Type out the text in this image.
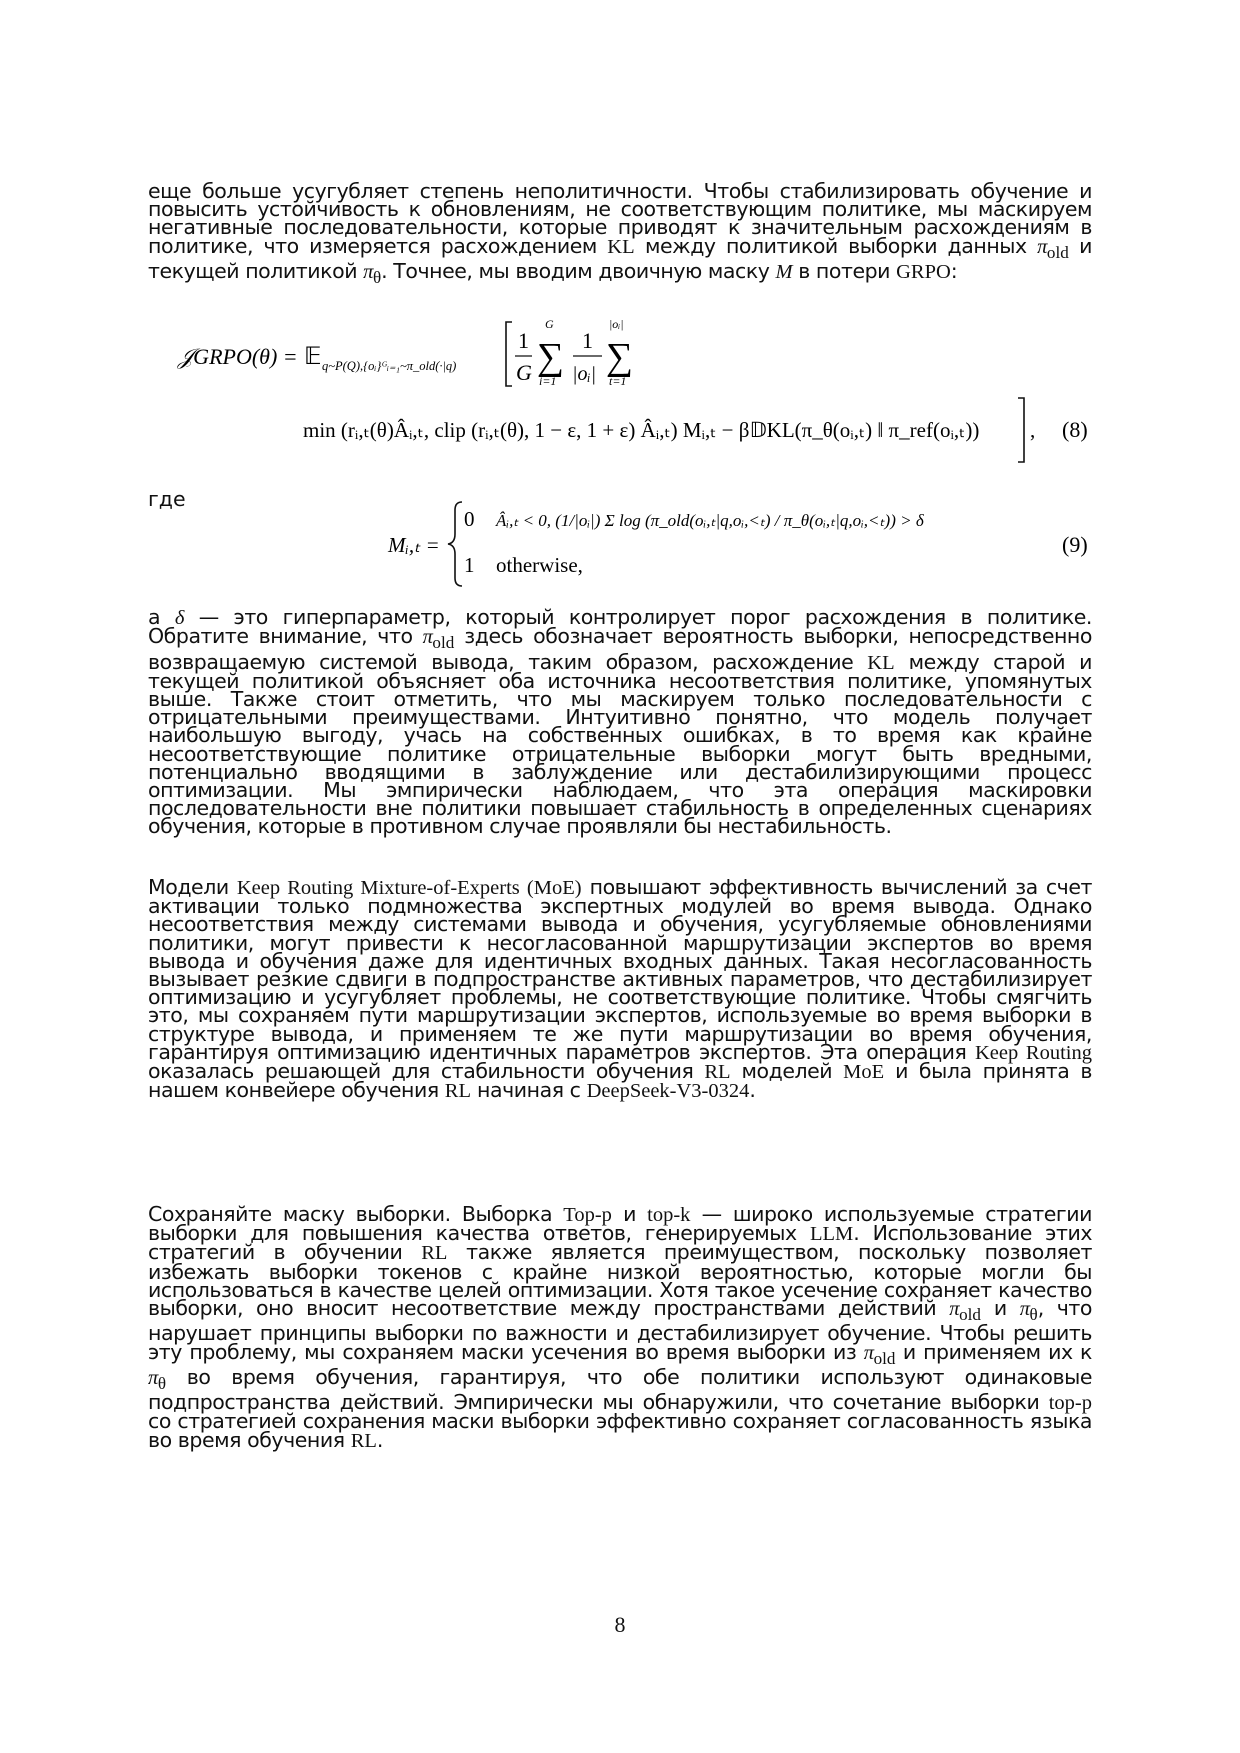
еще больше усугубляет степень неполитичности. Чтобы стабилизировать обучение и повысить устойчивость к обновлениям, не соответствующим политике, мы маскируем негативные последовательности, которые приводят к значительным расхождениям в политике, что измеряется расхождением KL между политикой выборки данных $\pi_{old}$ и текущей политикой $\pi_\theta$. Точнее, мы вводим двоичную маску M в потери GRPO:

𝒥GRPO(θ) = 𝔼 q~P(Q),{oᵢ}ᴳᵢ₌₁~π_old(·|q)
1
G
G
∑
i=1
1
|oᵢ|
|oᵢ|
∑
t=1
min (rᵢ,ₜ(θ)Âᵢ,ₜ, clip (rᵢ,ₜ(θ), 1 − ε, 1 + ε) Âᵢ,ₜ) Mᵢ,ₜ − β𝔻KL(π_θ(oᵢ,ₜ) ‖ π_ref(oᵢ,ₜ)) , (8)
где
Mᵢ,ₜ =
0 Âᵢ,ₜ < 0, (1/|oᵢ|) Σ log (π_old(oᵢ,ₜ|q,oᵢ,<ₜ) / π_θ(oᵢ,ₜ|q,oᵢ,<ₜ)) > δ
1 otherwise,
(9)

а δ — это гиперпараметр, который контролирует порог расхождения в политике. Обратите внимание, что $\pi_{old}$ здесь обозначает вероятность выборки, непосредственно возвращаемую системой вывода, таким образом, расхождение KL между старой и текущей политикой объясняет оба источника несоответствия политике, упомянутых выше. Также стоит отметить, что мы маскируем только последовательности с отрицательными преимуществами. Интуитивно понятно, что модель получает наибольшую выгоду, учась на собственных ошибках, в то время как крайне несоответствующие политике отрицательные выборки могут быть вредными, потенциально вводящими в заблуждение или дестабилизирующими процесс оптимизации. Мы эмпирически наблюдаем, что эта операция маскировки последовательности вне политики повышает стабильность в определенных сценариях обучения, которые в противном случае проявляли бы нестабильность.

Модели Keep Routing Mixture-of-Experts (MoE) повышают эффективность вычислений за счет активации только подмножества экспертных модулей во время вывода. Однако несоответствия между системами вывода и обучения, усугубляемые обновлениями политики, могут привести к несогласованной маршрутизации экспертов во время вывода и обучения даже для идентичных входных данных. Такая несогласованность вызывает резкие сдвиги в подпространстве активных параметров, что дестабилизирует оптимизацию и усугубляет проблемы, не соответствующие политике. Чтобы смягчить это, мы сохраняем пути маршрутизации экспертов, используемые во время выборки в структуре вывода, и применяем те же пути маршрутизации во время обучения, гарантируя оптимизацию идентичных параметров экспертов. Эта операция Keep Routing оказалась решающей для стабильности обучения RL моделей MoE и была принята в нашем конвейере обучения RL начиная с DeepSeek-V3-0324.

Сохраняйте маску выборки. Выборка Top-p и top-k — широко используемые стратегии выборки для повышения качества ответов, генерируемых LLM. Использование этих стратегий в обучении RL также является преимуществом, поскольку позволяет избежать выборки токенов с крайне низкой вероятностью, которые могли бы использоваться в качестве целей оптимизации. Хотя такое усечение сохраняет качество выборки, оно вносит несоответствие между пространствами действий $\pi_{old}$ и $\pi_\theta$, что нарушает принципы выборки по важности и дестабилизирует обучение. Чтобы решить эту проблему, мы сохраняем маски усечения во время выборки из $\pi_{old}$ и применяем их к $\pi_\theta$ во время обучения, гарантируя, что обе политики используют одинаковые подпространства действий. Эмпирически мы обнаружили, что сочетание выборки top-p со стратегией сохранения маски выборки эффективно сохраняет согласованность языка во время обучения RL.

8
